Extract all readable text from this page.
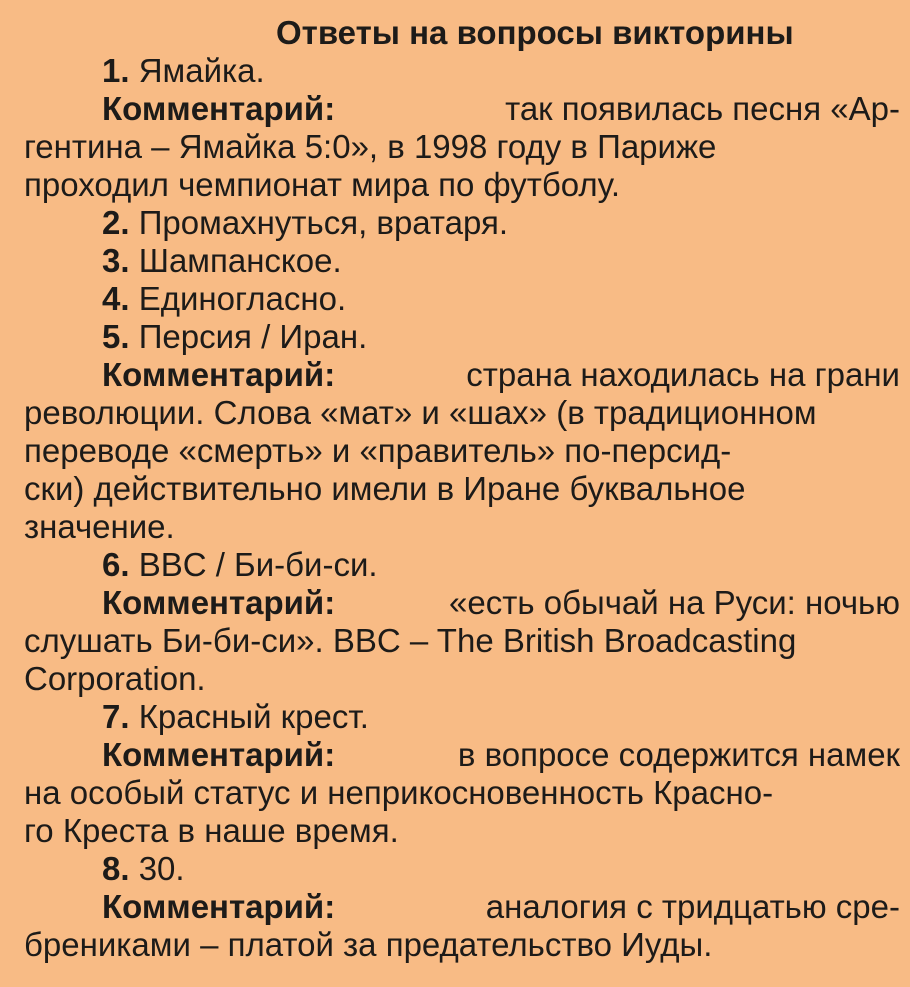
Ответы на вопросы викторины
1. Ямайка.
Комментарий:	так появилась песня «Ар-
гентина – Ямайка 5:0», в 1998 году в Париже
проходил чемпионат мира по футболу.
2. Промахнуться, вратаря.
3. Шампанское.
4. Единогласно.
5. Персия / Иран.
Комментарий:	страна находилась на грани
революции. Слова «мат» и «шах» (в традиционном
переводе «смерть» и «правитель» по-персид-
ски) действительно имели в Иране буквальное
значение.
6. BBC / Би-би-си.
Комментарий:	«есть обычай на Руси: ночью
слушать Би-би-си». BBC – The British Broadcasting
Corporation.
7. Красный крест.
Комментарий:	в вопросе содержится намек
на особый статус и неприкосновенность Красно-
го Креста в наше время.
8. 30.
Комментарий:	аналогия с тридцатью сре-
брениками – платой за предательство Иуды.
